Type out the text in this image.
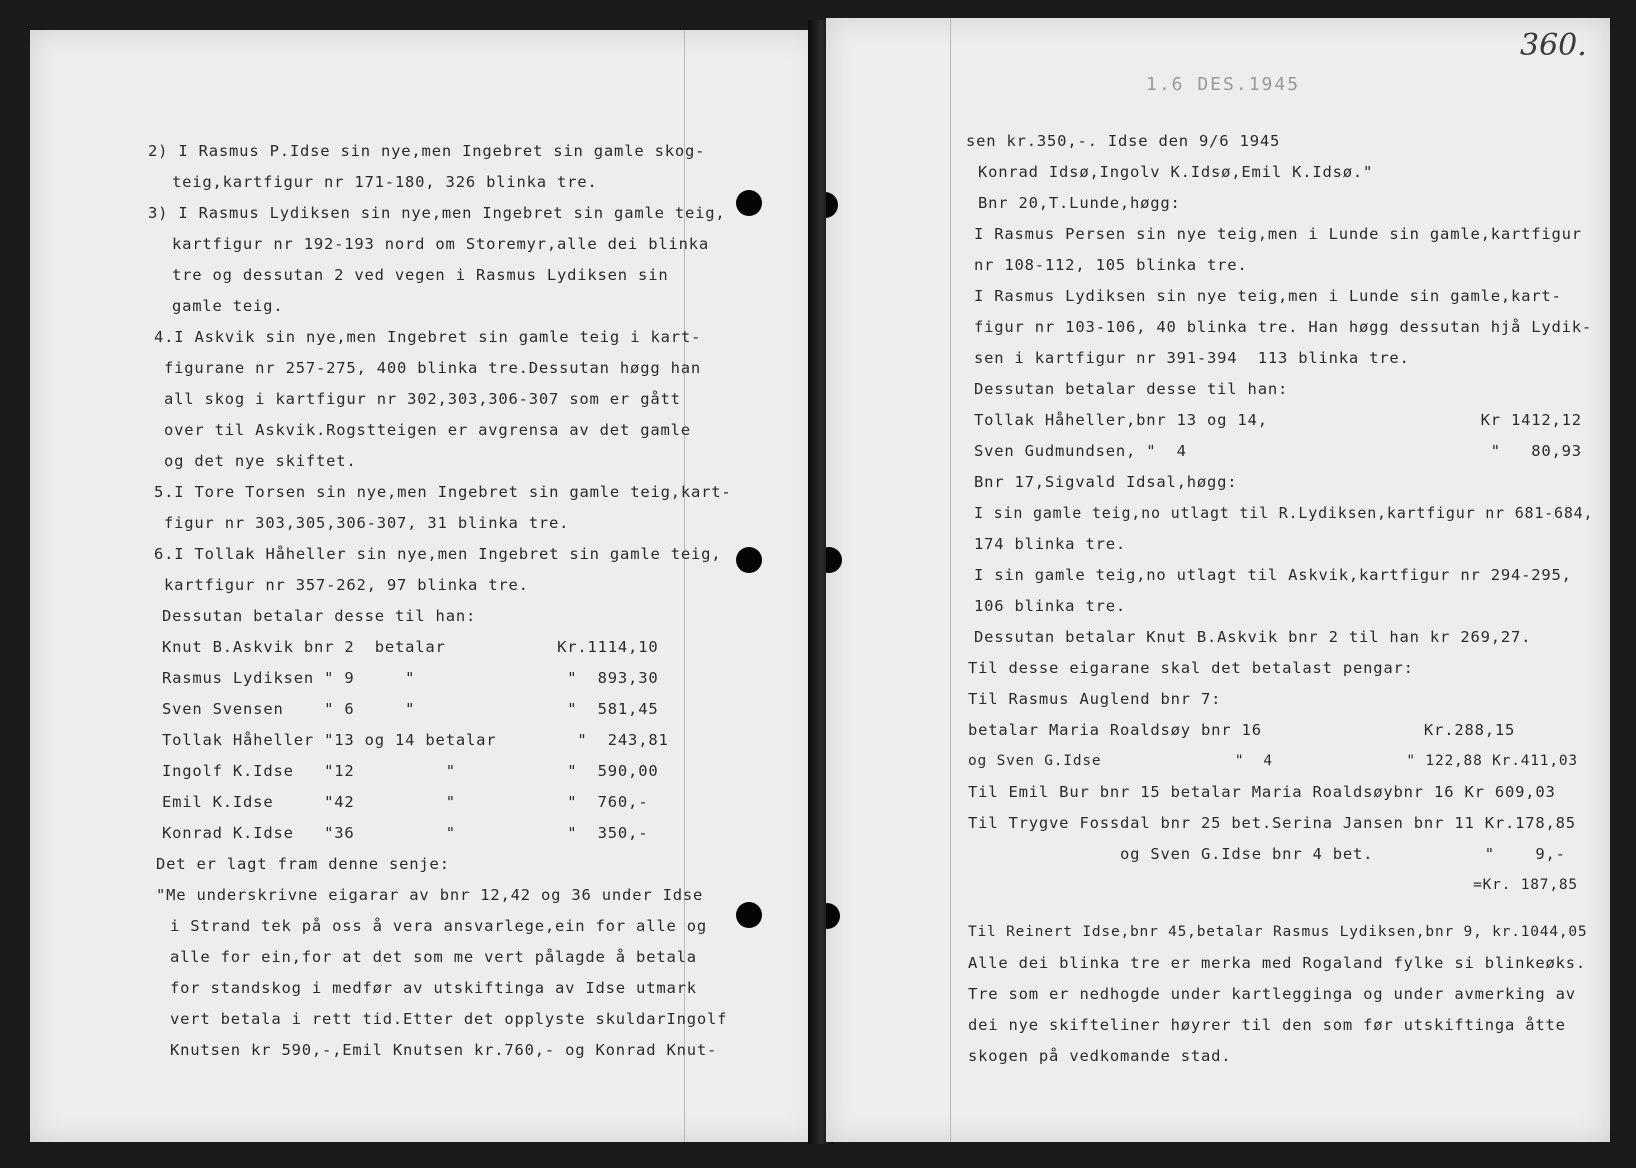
2) I Rasmus P.Idse sin nye,men Ingebret sin gamle skog-
teig,kartfigur nr 171-180, 326 blinka tre.
3) I Rasmus Lydiksen sin nye,men Ingebret sin gamle teig,
kartfigur nr 192-193 nord om Storemyr,alle dei blinka
tre og dessutan 2 ved vegen i Rasmus Lydiksen sin
gamle teig.
4.I Askvik sin nye,men Ingebret sin gamle teig i kart-
figurane nr 257-275, 400 blinka tre.Dessutan høgg han
all skog i kartfigur nr 302,303,306-307 som er gått
over til Askvik.Rogstteigen er avgrensa av det gamle
og det nye skiftet.
5.I Tore Torsen sin nye,men Ingebret sin gamle teig,kart-
figur nr 303,305,306-307, 31 blinka tre.
6.I Tollak Håheller sin nye,men Ingebret sin gamle teig,
kartfigur nr 357-262, 97 blinka tre.
Dessutan betalar desse til han:
Knut B.Askvik bnr 2  betalar           Kr.1114,10
Rasmus Lydiksen " 9     "               "  893,30
Sven Svensen    " 6     "               "  581,45
Tollak Håheller "13 og 14 betalar        "  243,81
Ingolf K.Idse   "12         "           "  590,00
Emil K.Idse     "42         "           "  760,-
Konrad K.Idse   "36         "           "  350,-
Det er lagt fram denne senje:
"Me underskrivne eigarar av bnr 12,42 og 36 under Idse
i Strand tek på oss å vera ansvarlege,ein for alle og
alle for ein,for at det som me vert pålagde å betala
for standskog i medfør av utskiftinga av Idse utmark
vert betala i rett tid.Etter det opplyste skuldarIngolf
Knutsen kr 590,-,Emil Knutsen kr.760,- og Konrad Knut-
1.6 DES.1945
360.
sen kr.350,-. Idse den 9/6 1945
Konrad Idsø,Ingolv K.Idsø,Emil K.Idsø."
Bnr 20,T.Lunde,høgg:
I Rasmus Persen sin nye teig,men i Lunde sin gamle,kartfigur
nr 108-112, 105 blinka tre.
I Rasmus Lydiksen sin nye teig,men i Lunde sin gamle,kart-
figur nr 103-106, 40 blinka tre. Han høgg dessutan hjå Lydik-
sen i kartfigur nr 391-394  113 blinka tre.
Dessutan betalar desse til han:
Tollak Håheller,bnr 13 og 14,                     Kr 1412,12
Sven Gudmundsen, "  4                              "   80,93
Bnr 17,Sigvald Idsal,høgg:
I sin gamle teig,no utlagt til R.Lydiksen,kartfigur nr 681-684,
174 blinka tre.
I sin gamle teig,no utlagt til Askvik,kartfigur nr 294-295,
106 blinka tre.
Dessutan betalar Knut B.Askvik bnr 2 til han kr 269,27.
Til desse eigarane skal det betalast pengar:
Til Rasmus Auglend bnr 7:
betalar Maria Roaldsøy bnr 16                Kr.288,15
og Sven G.Idse              "  4              " 122,88 Kr.411,03
Til Emil Bur bnr 15 betalar Maria Roaldsøybnr 16 Kr 609,03
Til Trygve Fossdal bnr 25 bet.Serina Jansen bnr 11 Kr.178,85
og Sven G.Idse bnr 4 bet.           "    9,-
=Kr. 187,85
Til Reinert Idse,bnr 45,betalar Rasmus Lydiksen,bnr 9, kr.1044,05
Alle dei blinka tre er merka med Rogaland fylke si blinkeøks.
Tre som er nedhogde under kartlegginga og under avmerking av
dei nye skifteliner høyrer til den som før utskiftinga åtte
skogen på vedkomande stad.
